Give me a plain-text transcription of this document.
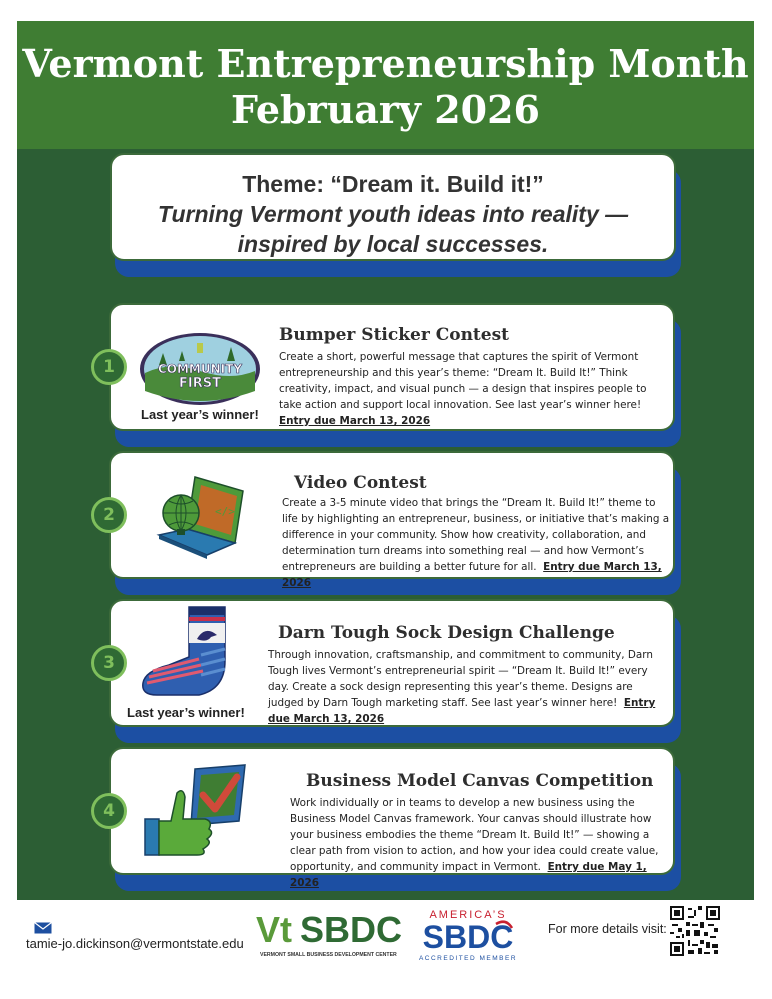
Vermont Entrepreneurship Month
February 2026
Theme: “Dream it. Build it!”
Turning Vermont youth ideas into reality —
inspired by local successes.
COMMUNITY
FIRST
Last year’s winner!
Bumper Sticker Contest
Create a short, powerful message that captures the spirit of Vermont entrepreneurship and this year’s theme: “Dream It. Build It!” Think creativity, impact, and visual punch — a design that inspires people to take action and support local innovation. See last year’s winner here!  Entry due March 13, 2026
1
</>
Video Contest
Create a 3-5 minute video that brings the “Dream It. Build It!” theme to life by highlighting an entrepreneur, business, or initiative that’s making a difference in your community. Show how creativity, collaboration, and determination turn dreams into something real — and how Vermont’s entrepreneurs are building a better future for all. Entry due March 13, 2026
2
Last year’s winner!
Darn Tough Sock Design Challenge
Through innovation, craftsmanship, and commitment to community, Darn Tough lives Vermont’s entrepreneurial spirit — “Dream It. Build It!” every day. Create a sock design representing this year’s theme. Designs are judged by Darn Tough marketing staff. See last year’s winner here! Entry due March 13, 2026
3
Business Model Canvas Competition
Work individually or in teams to develop a new business using the Business Model Canvas framework. Your canvas should illustrate how your business embodies the theme “Dream It. Build It!” — showing a clear path from vision to action, and how your idea could create value, opportunity, and community impact in Vermont. Entry due May 1, 2026
4
tamie-jo.dickinson@vermontstate.edu Vt SBDC
VERMONT SMALL BUSINESS DEVELOPMENT CENTER
AMERICA’S
SBDC
ACCREDITED MEMBER
For more details visit:
